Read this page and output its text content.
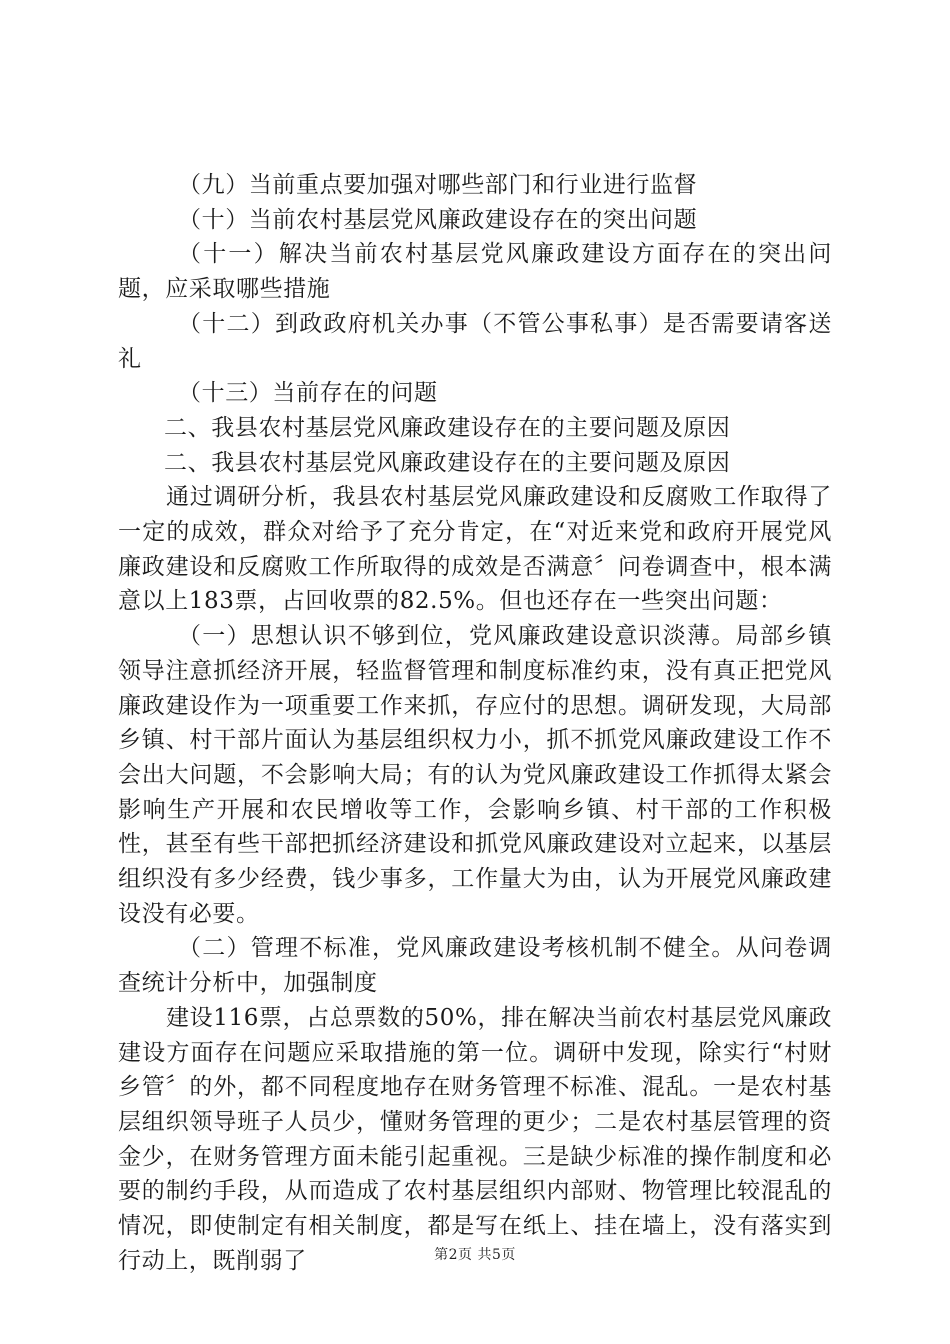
（九）当前重点要加强对哪些部门和行业进行监督

（十）当前农村基层党风廉政建设存在的突出问题

（十一）解决当前农村基层党风廉政建设方面存在的突出问题，应采取哪些措施

（十二）到政政府机关办事（不管公事私事）是否需要请客送礼

（十三）当前存在的问题

二、我县农村基层党风廉政建设存在的主要问题及原因

二、我县农村基层党风廉政建设存在的主要问题及原因

通过调研分析，我县农村基层党风廉政建设和反腐败工作取得了一定的成效，群众对给予了充分肯定，在“对近来党和政府开展党风廉政建设和反腐败工作所取得的成效是否满意〞问卷调查中，根本满意以上183票，占回收票的82.5%。但也还存在一些突出问题：

（一）思想认识不够到位，党风廉政建设意识淡薄。局部乡镇领导注意抓经济开展，轻监督管理和制度标准约束，没有真正把党风廉政建设作为一项重要工作来抓，存应付的思想。调研发现，大局部乡镇、村干部片面认为基层组织权力小，抓不抓党风廉政建设工作不会出大问题，不会影响大局；有的认为党风廉政建设工作抓得太紧会影响生产开展和农民增收等工作，会影响乡镇、村干部的工作积极性，甚至有些干部把抓经济建设和抓党风廉政建设对立起来，以基层组织没有多少经费，钱少事多，工作量大为由，认为开展党风廉政建设没有必要。

（二）管理不标准，党风廉政建设考核机制不健全。从问卷调查统计分析中，加强制度

建设116票，占总票数的50%，排在解决当前农村基层党风廉政建设方面存在问题应采取措施的第一位。调研中发现，除实行“村财乡管〞的外，都不同程度地存在财务管理不标准、混乱。一是农村基层组织领导班子人员少，懂财务管理的更少；二是农村基层管理的资金少，在财务管理方面未能引起重视。三是缺少标准的操作制度和必要的制约手段，从而造成了农村基层组织内部财、物管理比较混乱的情况，即使制定有相关制度，都是写在纸上、挂在墙上，没有落实到行动上，既削弱了	第2页 共5页
